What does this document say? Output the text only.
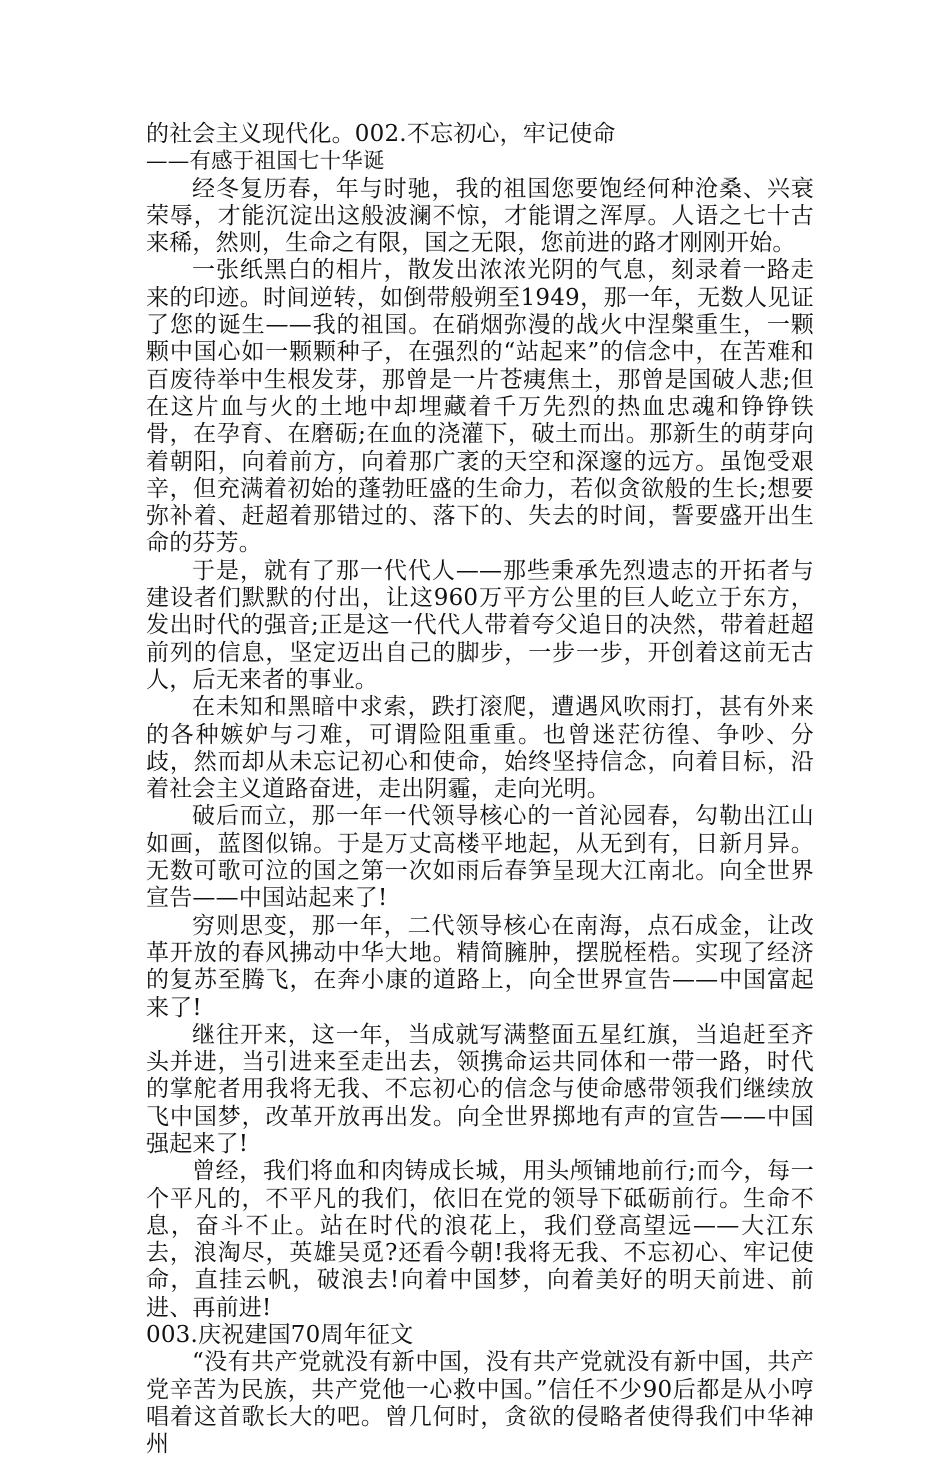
的社会主义现代化。002.不忘初心，牢记使命

——有感于祖国七十华诞

经冬复历春，年与时驰，我的祖国您要饱经何种沧桑、兴衰荣辱，才能沉淀出这般波澜不惊，才能谓之浑厚。人语之七十古来稀，然则，生命之有限，国之无限，您前进的路才刚刚开始。

一张纸黑白的相片，散发出浓浓光阴的气息，刻录着一路走来的印迹。时间逆转，如倒带般朔至1949，那一年，无数人见证了您的诞生——我的祖国。在硝烟弥漫的战火中涅槃重生，一颗颗中国心如一颗颗种子，在强烈的“站起来”的信念中，在苦难和百废待举中生根发芽，那曾是一片苍痍焦土，那曾是国破人悲;但在这片血与火的土地中却埋藏着千万先烈的热血忠魂和铮铮铁骨，在孕育、在磨砺;在血的浇灌下，破土而出。那新生的萌芽向着朝阳，向着前方，向着那广袤的天空和深邃的远方。虽饱受艰辛，但充满着初始的蓬勃旺盛的生命力，若似贪欲般的生长;想要弥补着、赶超着那错过的、落下的、失去的时间，誓要盛开出生命的芬芳。

于是，就有了那一代代人——那些秉承先烈遗志的开拓者与建设者们默默的付出，让这960万平方公里的巨人屹立于东方，发出时代的强音;正是这一代代人带着夸父追日的决然，带着赶超前列的信息，坚定迈出自己的脚步，一步一步，开创着这前无古人，后无来者的事业。

在未知和黑暗中求索，跌打滚爬，遭遇风吹雨打，甚有外来的各种嫉妒与刁难，可谓险阻重重。也曾迷茫彷徨、争吵、分歧，然而却从未忘记初心和使命，始终坚持信念，向着目标，沿着社会主义道路奋进，走出阴霾，走向光明。

破后而立，那一年一代领导核心的一首沁园春，勾勒出江山如画，蓝图似锦。于是万丈高楼平地起，从无到有，日新月异。无数可歌可泣的国之第一次如雨后春笋呈现大江南北。向全世界宣告——中国站起来了!

穷则思变，那一年，二代领导核心在南海，点石成金，让改革开放的春风拂动中华大地。精简臃肿，摆脱桎梏。实现了经济的复苏至腾飞，在奔小康的道路上，向全世界宣告——中国富起来了!

继往开来，这一年，当成就写满整面五星红旗，当追赶至齐头并进，当引进来至走出去，领携命运共同体和一带一路，时代的掌舵者用我将无我、不忘初心的信念与使命感带领我们继续放飞中国梦，改革开放再出发。向全世界掷地有声的宣告——中国强起来了!

曾经，我们将血和肉铸成长城，用头颅铺地前行;而今，每一个平凡的，不平凡的我们，依旧在党的领导下砥砺前行。生命不息，奋斗不止。站在时代的浪花上，我们登高望远——大江东去，浪淘尽，英雄吴觅?还看今朝!我将无我、不忘初心、牢记使命，直挂云帆，破浪去!向着中国梦，向着美好的明天前进、前进、再前进!

003.庆祝建国70周年征文

“没有共产党就没有新中国，没有共产党就没有新中国，共产党辛苦为民族，共产党他一心救中国。”信任不少90后都是从小哼唱着这首歌长大的吧。曾几何时，贪欲的侵略者使得我们中华神州
